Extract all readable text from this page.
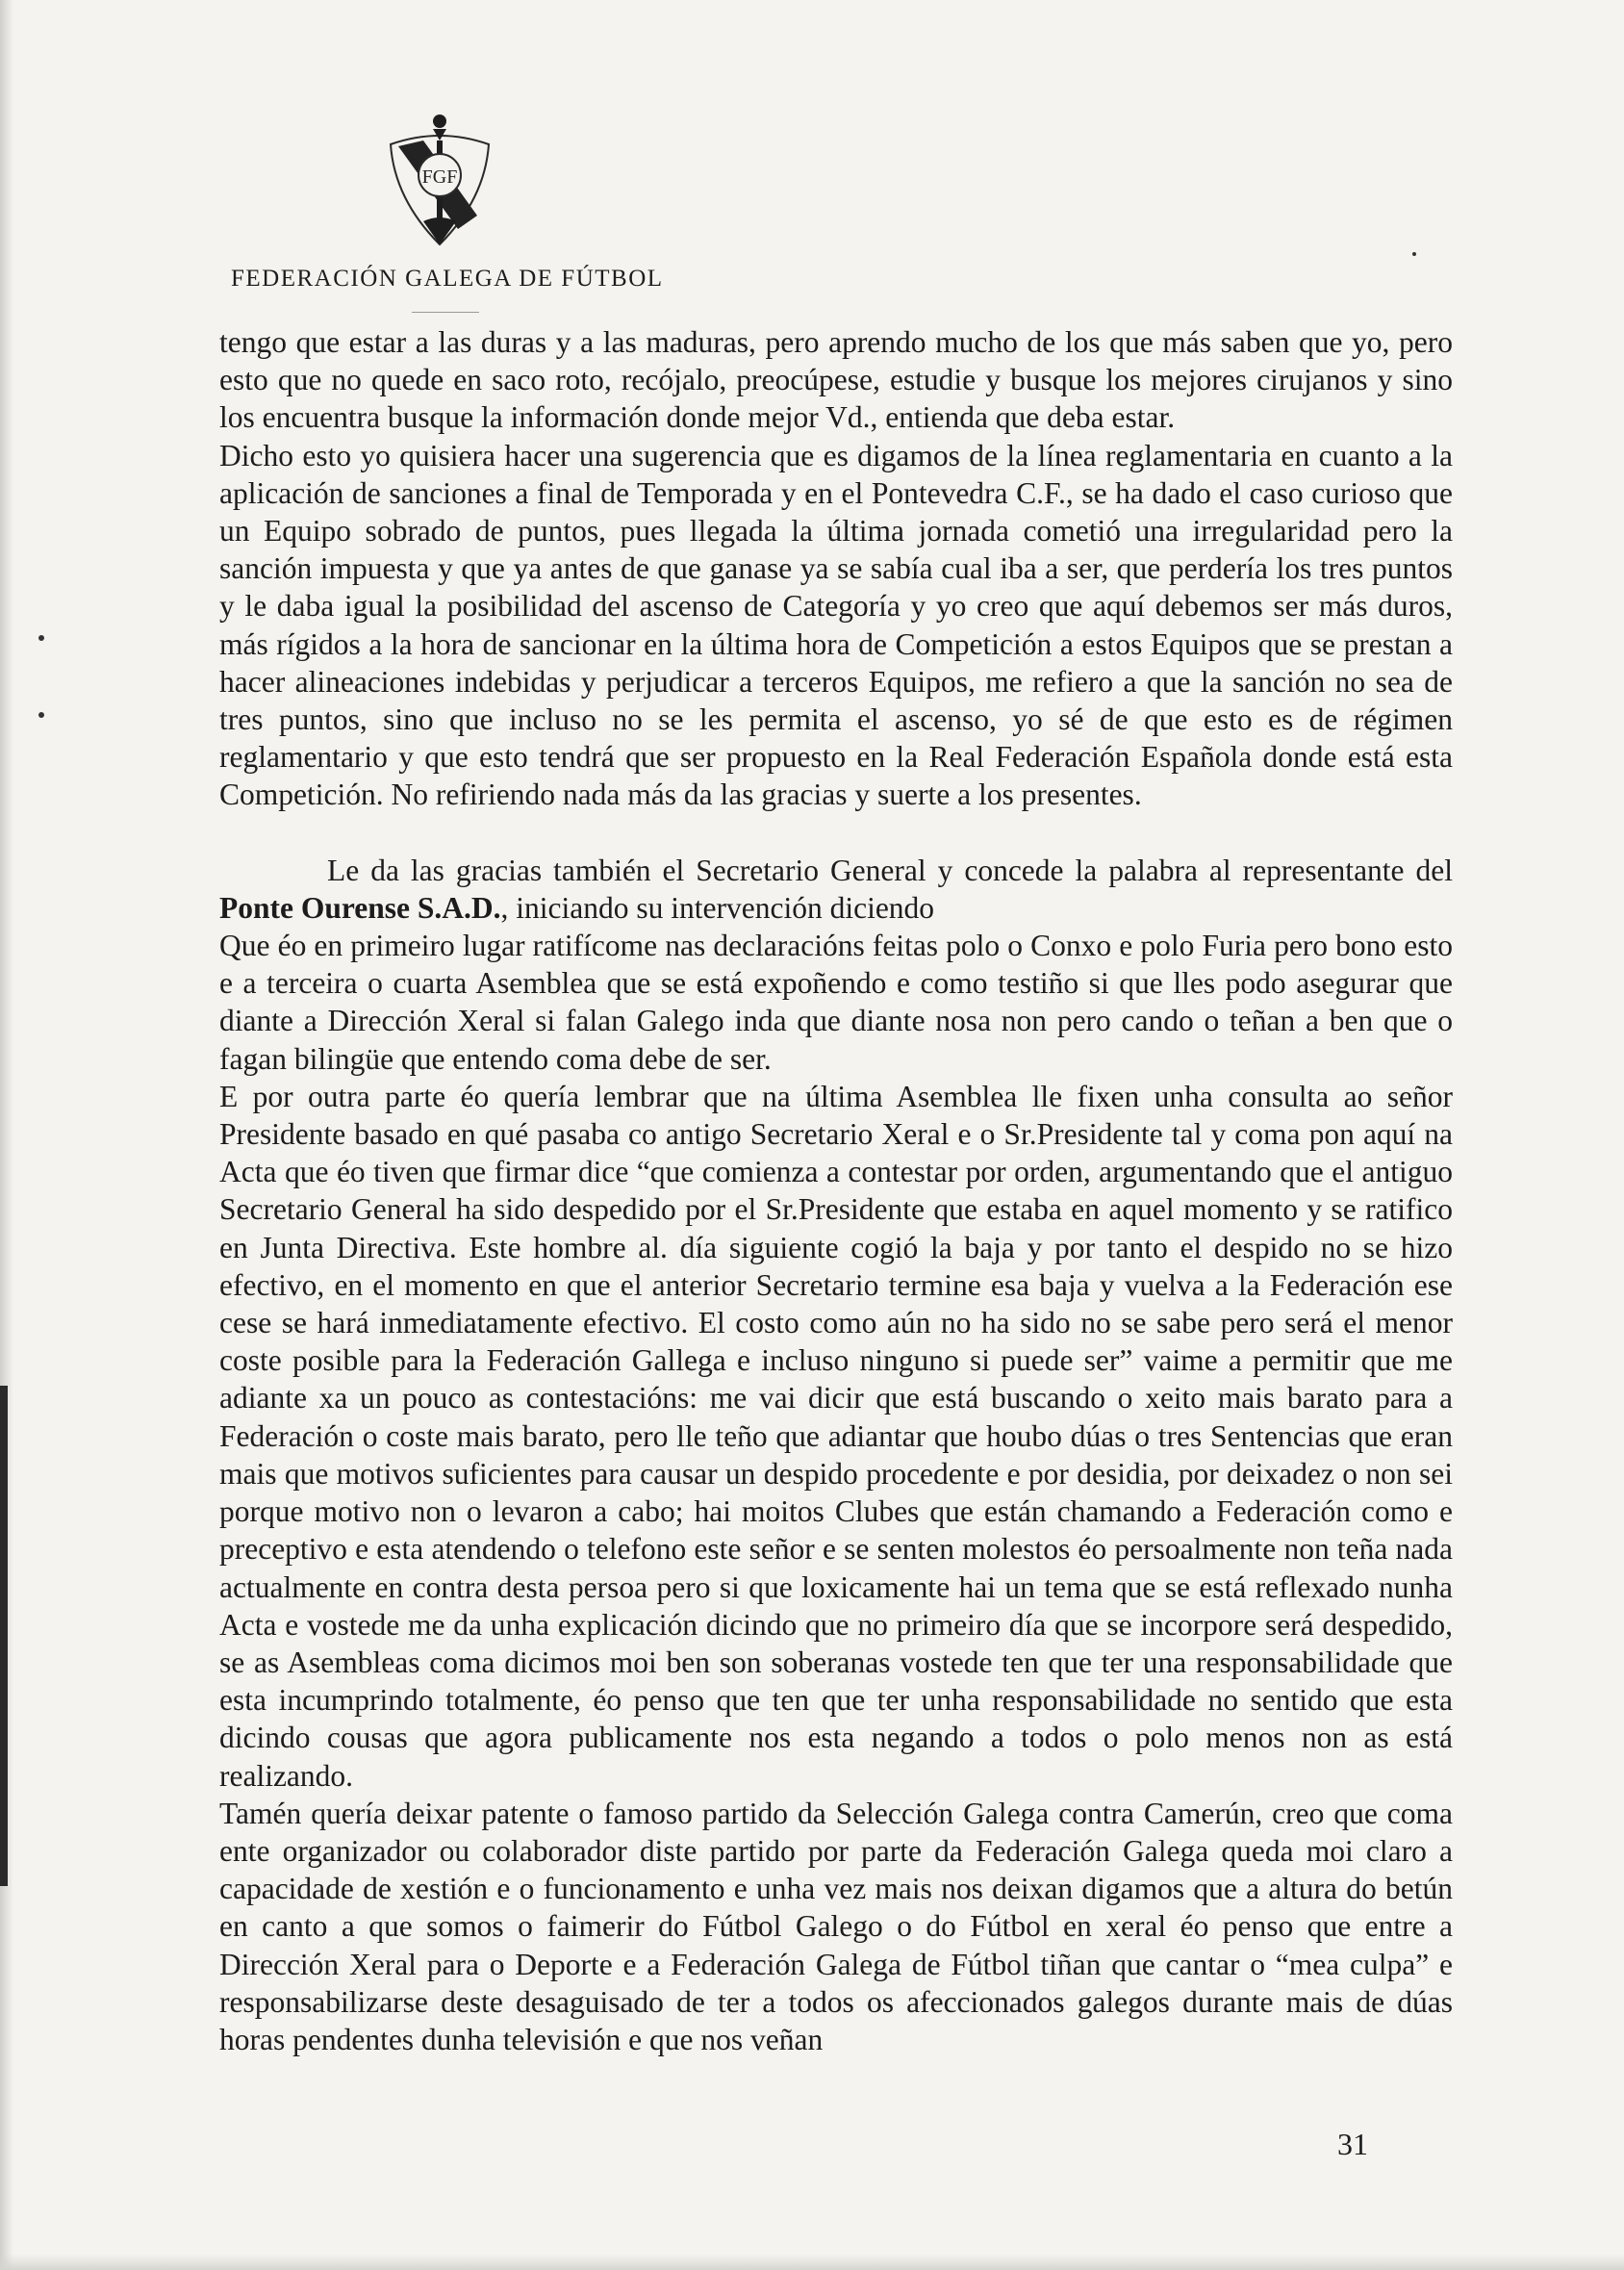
FGF
FEDERACIÓN GALEGA DE FÚTBOL

tengo que estar a las duras y a las maduras, pero aprendo mucho de los que más saben que yo, pero esto que no quede en saco roto, recójalo, preocúpese, estudie y busque los mejores cirujanos y sino los encuentra busque la información donde mejor Vd., entienda que deba estar.

Dicho esto yo quisiera hacer una sugerencia que es digamos de la línea reglamentaria en cuanto a la aplicación de sanciones a final de Temporada y en el Pontevedra C.F., se ha dado el caso curioso que un Equipo sobrado de puntos, pues llegada la última jornada cometió una irregularidad pero la sanción impuesta y que ya antes de que ganase ya se sabía cual iba a ser, que perdería los tres puntos y le daba igual la posibilidad del ascenso de Categoría y yo creo que aquí debemos ser más duros, más rígidos a la hora de sancionar en la última hora de Competición a estos Equipos que se prestan a hacer alineaciones indebidas y perjudicar a terceros Equipos, me refiero a que la sanción no sea de tres puntos, sino que incluso no se les permita el ascenso, yo sé de que esto es de régimen reglamentario y que esto tendrá que ser propuesto en la Real Federación Española donde está esta Competición. No refiriendo nada más da las gracias y suerte a los presentes.

Le da las gracias también el Secretario General y concede la palabra al representante del Ponte Ourense S.A.D., iniciando su intervención diciendo

Que éo en primeiro lugar ratifícome nas declaracións feitas polo o Conxo e polo Furia pero bono esto e a terceira o cuarta Asemblea que se está expoñendo e como testiño si que lles podo asegurar que diante a Dirección Xeral si falan Galego inda que diante nosa non pero cando o teñan a ben que o fagan bilingüe que entendo coma debe de ser.

E por outra parte éo quería lembrar que na última Asemblea lle fixen unha consulta ao señor Presidente basado en qué pasaba co antigo Secretario Xeral e o Sr.Presidente tal y coma pon aquí na Acta que éo tiven que firmar dice “que comienza a contestar por orden, argumentando que el antiguo Secretario General ha sido despedido por el Sr.Presidente que estaba en aquel momento y se ratifico en Junta Directiva. Este hombre al. día siguiente cogió la baja y por tanto el despido no se hizo efectivo, en el momento en que el anterior Secretario termine esa baja y vuelva a la Federación ese cese se hará inmediatamente efectivo. El costo como aún no ha sido no se sabe pero será el menor coste posible para la Federación Gallega e incluso ninguno si puede ser” vaime a permitir que me adiante xa un pouco as contestacións: me vai dicir que está buscando o xeito mais barato para a Federación o coste mais barato, pero lle teño que adiantar que houbo dúas o tres Sentencias que eran mais que motivos suficientes para causar un despido procedente e por desidia, por deixadez o non sei porque motivo non o levaron a cabo; hai moitos Clubes que están chamando a Federación como e preceptivo e esta atendendo o telefono este señor e se senten molestos éo persoalmente non teña nada actualmente en contra desta persoa pero si que loxicamente hai un tema que se está reflexado nunha Acta e vostede me da unha explicación dicindo que no primeiro día que se incorpore será despedido, se as Asembleas coma dicimos moi ben son soberanas vostede ten que ter una responsabilidade que esta incumprindo totalmente, éo penso que ten que ter unha responsabilidade no sentido que esta dicindo cousas que agora publicamente nos esta negando a todos o polo menos non as está realizando.

Tamén quería deixar patente o famoso partido da Selección Galega contra Camerún, creo que coma ente organizador ou colaborador diste partido por parte da Federación Galega queda moi claro a capacidade de xestión e o funcionamento e unha vez mais nos deixan digamos que a altura do betún en canto a que somos o faimerir do Fútbol Galego o do Fútbol en xeral éo penso que entre a Dirección Xeral para o Deporte e a Federación Galega de Fútbol tiñan que cantar o “mea culpa” e responsabilizarse deste desaguisado de ter a todos os afeccionados galegos durante mais de dúas horas pendentes dunha televisión e que nos veñan

31
